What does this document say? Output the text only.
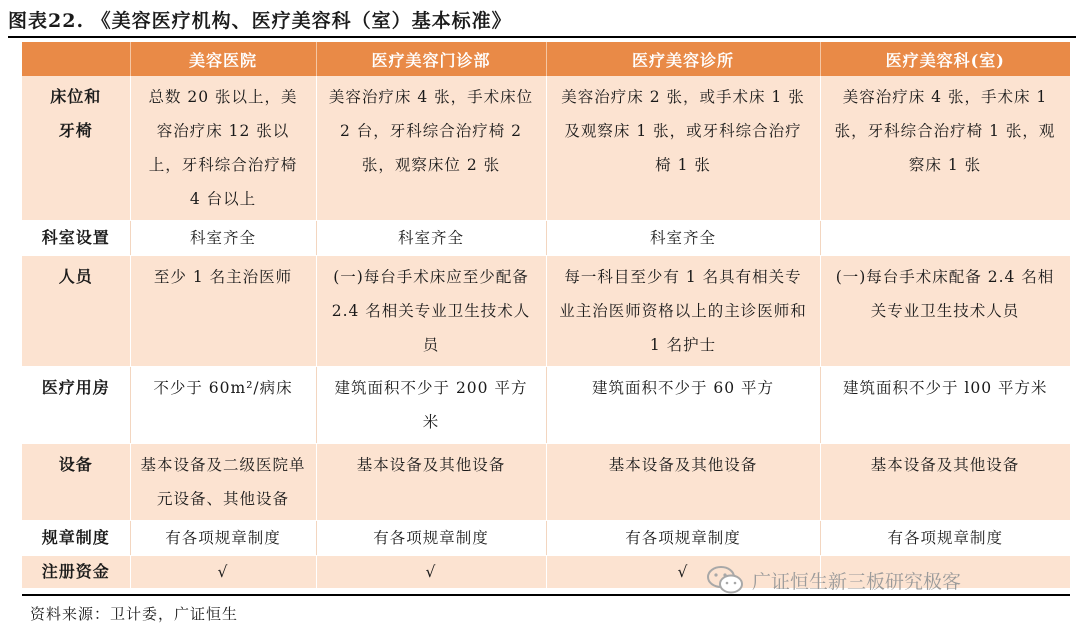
图表22. 《美容医疗机构、医疗美容科（室）基本标准》
	美容医院	医疗美容门诊部	医疗美容诊所	医疗美容科(室)
床位和牙椅	总数 20 张以上，美容治疗床 12 张以上，牙科综合治疗椅 4 台以上	美容治疗床 4 张，手术床位 2 台，牙科综合治疗椅 2 张，观察床位 2 张	美容治疗床 2 张，或手术床 1 张及观察床 1 张，或牙科综合治疗椅 1 张	美容治疗床 4 张，手术床 1 张，牙科综合治疗椅 1 张，观察床 1 张
科室设置	科室齐全	科室齐全	科室齐全	
人员	至少 1 名主治医师	(一)每台手术床应至少配备 2.4 名相关专业卫生技术人员	每一科目至少有 1 名具有相关专业主治医师资格以上的主诊医师和 1 名护士	(一)每台手术床配备 2.4 名相关专业卫生技术人员
医疗用房	不少于 60m²/病床	建筑面积不少于 200 平方米	建筑面积不少于 60 平方	建筑面积不少于 l00 平方米
设备	基本设备及二级医院单元设备、其他设备	基本设备及其他设备	基本设备及其他设备	基本设备及其他设备
规章制度	有各项规章制度	有各项规章制度	有各项规章制度	有各项规章制度
注册资金	√	√	√	
资料来源：卫计委，广证恒生
广证恒生新三板研究极客
